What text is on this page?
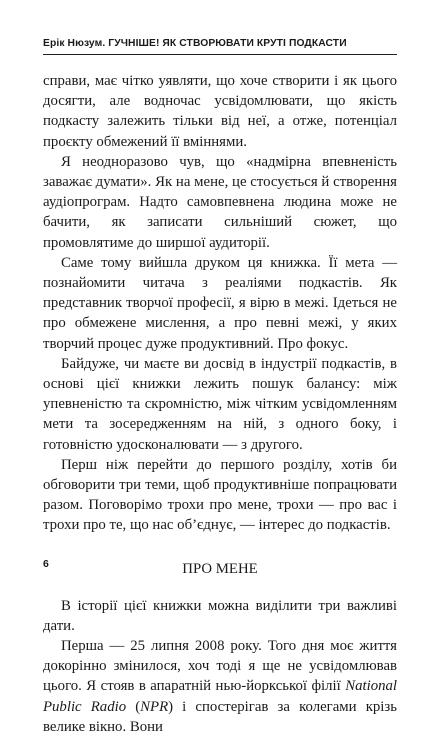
Ерік Нюзум. ГУЧНІШЕ! ЯК СТВОРЮВАТИ КРУТІ ПОДКАСТИ

справи, має чітко уявляти, що хоче створити і як цього досягти, але водночас усвідомлювати, що якість подкасту залежить тільки від неї, а отже, потенціал проєкту обмежений її вміннями.

Я неодноразово чув, що «надмірна впевненість заважає думати». Як на мене, це стосується й створення аудіопрограм. Надто самовпевнена людина може не бачити, як записати сильніший сюжет, що промовлятиме до ширшої аудиторії.

Саме тому вийшла друком ця книжка. Її мета — познайомити читача з реаліями подкастів. Як представник творчої професії, я вірю в межі. Ідеться не про обмежене мислення, а про певні межі, у яких творчий процес дуже продуктивний. Про фокус.

Байдуже, чи маєте ви досвід в індустрії подкастів, в основі цієї книжки лежить пошук балансу: між упевненістю та скромністю, між чітким усвідомленням мети та зосередженням на ній, з одного боку, і готовністю удосконалювати — з другого.

Перш ніж перейти до першого розділу, хотів би обговорити три теми, щоб продуктивніше попрацювати разом. Поговорімо трохи про мене, трохи — про вас і трохи про те, що нас об’єднує, — інтерес до подкастів.

ПРО МЕНЕ

В історії цієї книжки можна виділити три важливі дати.

Перша — 25 липня 2008 року. Того дня моє життя докорінно змінилося, хоч тоді я ще не усвідомлював цього. Я стояв в апаратній нью-йоркської філії National Public Radio (NPR) і спостерігав за колегами крізь велике вікно. Вони

6
